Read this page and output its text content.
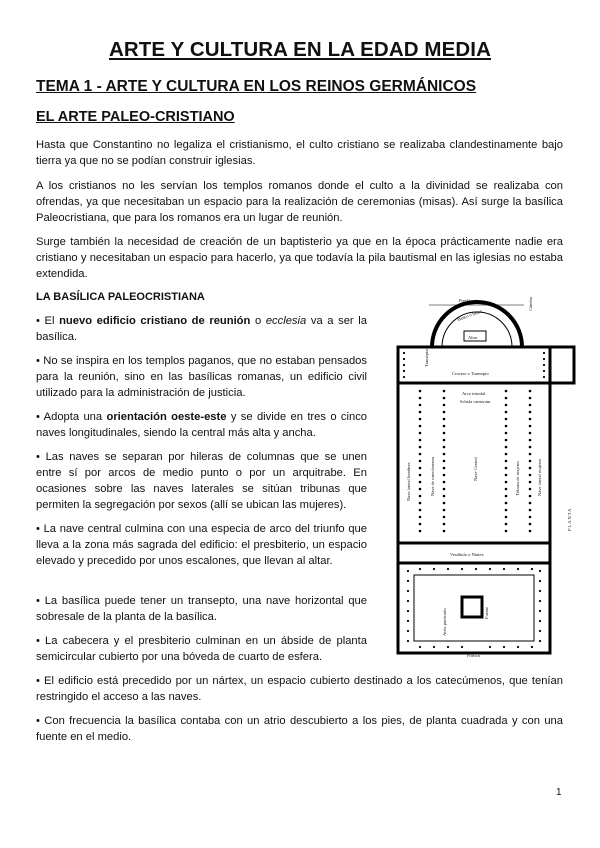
ARTE Y CULTURA EN LA EDAD MEDIA
TEMA 1 - ARTE Y CULTURA EN LOS REINOS GERMÁNICOS
EL ARTE PALEO-CRISTIANO

Hasta que Constantino no legaliza el cristianismo, el culto cristiano se realizaba clandestinamente bajo tierra ya que no se podían construir iglesias.

A los cristianos no les servían los templos romanos donde el culto a la divinidad se realizaba con ofrendas, ya que necesitaban un espacio para la realización de ceremonias (misas). Así surge la basílica Paleocristiana, que para los romanos era un lugar de reunión.

Surge también la necesidad de creación de un baptisterio ya que en la época prácticamente nadie era cristiano y necesitaban un espacio para hacerlo, ya que todavía la pila bautismal en las iglesias no estaba extendida.

LA BASÍLICA PALEOCRISTIANA

• El nuevo edificio cristiano de reunión o ecclesia va a ser la basílica.

• No se inspira en los templos paganos, que no estaban pensados para la reunión, sino en las basílicas romanas, un edificio civil utilizado para la administración de justicia.

• Adopta una orientación oeste-este y se divide en tres o cinco naves longitudinales, siendo la central más alta y ancha.

• Las naves se separan por hileras de columnas que se unen entre sí por arcos de medio punto o por un arquitrabe. En ocasiones sobre las naves laterales se sitúan tribunas que permiten la segregación por sexos (allí se ubican las mujeres).

• La nave central culmina con una especia de arco del triunfo que lleva a la zona más sagrada del edificio: el presbiterio, un espacio elevado y precedido por unos escalones, que llevan al altar.

• La basílica puede tener un transepto, una nave horizontal que sobresale de la planta de la basílica.

• La cabecera y el presbiterio culminan en un ábside de planta semicircular cubierto por una bóveda de cuarto de esfera.

• El edificio está precedido por un nártex, un espacio cubierto destinado a los catecúmenos, que tenían restringido el acceso a las naves.

• Con frecuencia la basílica contaba con un atrio descubierto a los pies, de planta cuadrada y con una fuente en el medio.

Presbiterio	Cátedra
Banco o bema
Altar
Transepto
Crucero o Transepto
Arco triunfal
Schola cantorum
Nave lateral hombres	Nave de catecúmenos	Nave Central	Tribuna de mujeres	Nave lateral mujeres
Vestíbulo o Nártex
Atrio porticado	Fuente
Pórtico
PLANTA
1
